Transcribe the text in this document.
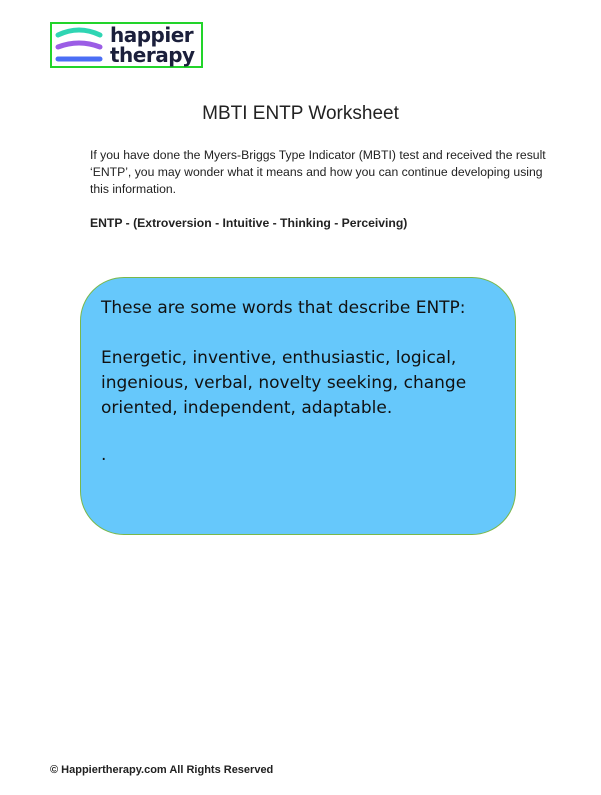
happier
therapy
MBTI ENTP Worksheet

If you have done the Myers-Briggs Type Indicator (MBTI) test and received the result ‘ENTP’, you may wonder what it means and how you can continue developing using this information.

ENTP - (Extroversion - Intuitive - Thinking - Perceiving)

These are some words that describe ENTP:

Energetic, inventive, enthusiastic, logical, ingenious, verbal, novelty seeking, change oriented, independent, adaptable.

.

© Happiertherapy.com All Rights Reserved
